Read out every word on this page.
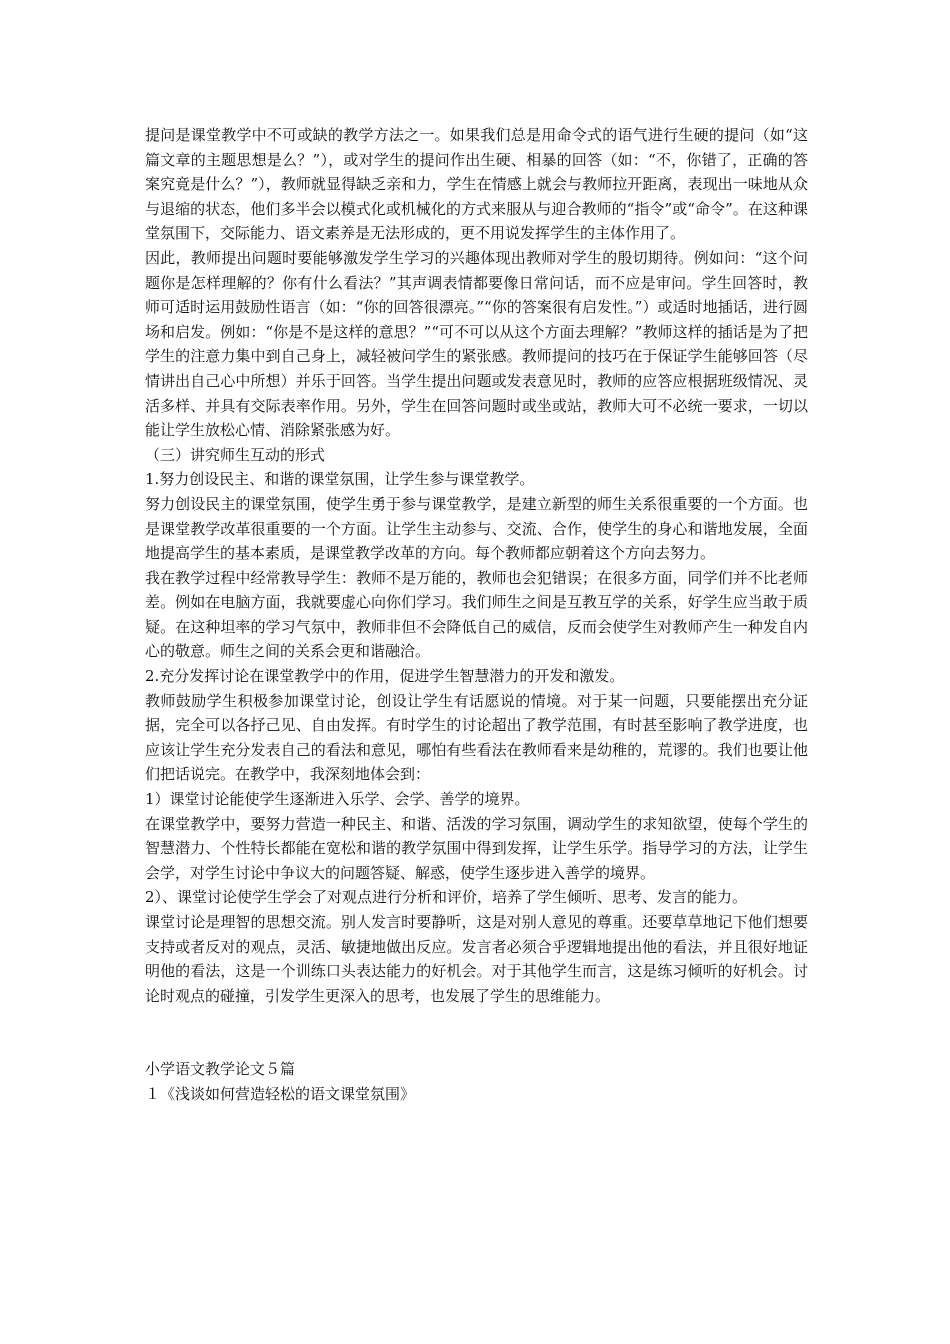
提问是课堂教学中不可或缺的教学方法之一。如果我们总是用命令式的语气进行生硬的提问（如“这篇文章的主题思想是么？”），或对学生的提问作出生硬、相暴的回答（如：“不，你错了，正确的答案究竟是什么？”），教师就显得缺乏亲和力，学生在情感上就会与教师拉开距离，表现出一味地从众与退缩的状态，他们多半会以模式化或机械化的方式来服从与迎合教师的“指令”或“命令”。在这种课堂氛围下，交际能力、语文素养是无法形成的，更不用说发挥学生的主体作用了。

因此，教师提出问题时要能够激发学生学习的兴趣体现出教师对学生的殷切期待。例如问：“这个问题你是怎样理解的？你有什么看法？”其声调表情都要像日常问话，而不应是审问。学生回答时，教师可适时运用鼓励性语言（如：“你的回答很漂亮。”“你的答案很有启发性。”）或适时地插话，进行圆场和启发。例如：“你是不是这样的意思？”“可不可以从这个方面去理解？”教师这样的插话是为了把学生的注意力集中到自己身上，减轻被问学生的紧张感。教师提问的技巧在于保证学生能够回答（尽情讲出自己心中所想）并乐于回答。当学生提出问题或发表意见时，教师的应答应根据班级情况、灵活多样、并具有交际表率作用。另外，学生在回答问题时或坐或站，教师大可不必统一要求，一切以能让学生放松心情、消除紧张感为好。

（三）讲究师生互动的形式

1.努力创设民主、和谐的课堂氛围，让学生参与课堂教学。

努力创设民主的课堂氛围，使学生勇于参与课堂教学，是建立新型的师生关系很重要的一个方面。也是课堂教学改革很重要的一个方面。让学生主动参与、交流、合作，使学生的身心和谐地发展，全面地提高学生的基本素质，是课堂教学改革的方向。每个教师都应朝着这个方向去努力。

我在教学过程中经常教导学生：教师不是万能的，教师也会犯错误；在很多方面，同学们并不比老师差。例如在电脑方面，我就要虚心向你们学习。我们师生之间是互教互学的关系，好学生应当敢于质疑。在这种坦率的学习气氛中，教师非但不会降低自己的威信，反而会使学生对教师产生一种发自内心的敬意。师生之间的关系会更和谐融洽。

2.充分发挥讨论在课堂教学中的作用，促进学生智慧潜力的开发和激发。

教师鼓励学生积极参加课堂讨论，创设让学生有话愿说的情境。对于某一问题，只要能摆出充分证据，完全可以各抒己见、自由发挥。有时学生的讨论超出了教学范围，有时甚至影响了教学进度，也应该让学生充分发表自己的看法和意见，哪怕有些看法在教师看来是幼稚的，荒谬的。我们也要让他们把话说完。在教学中，我深刻地体会到：

1）课堂讨论能使学生逐渐进入乐学、会学、善学的境界。

在课堂教学中，要努力营造一种民主、和谐、活泼的学习氛围，调动学生的求知欲望，使每个学生的智慧潜力、个性特长都能在宽松和谐的教学氛围中得到发挥，让学生乐学。指导学习的方法，让学生会学，对学生讨论中争议大的问题答疑、解惑，使学生逐步进入善学的境界。

2）、课堂讨论使学生学会了对观点进行分析和评价，培养了学生倾听、思考、发言的能力。

课堂讨论是理智的思想交流。别人发言时要静听，这是对别人意见的尊重。还要草草地记下他们想要支持或者反对的观点，灵活、敏捷地做出反应。发言者必须合乎逻辑地提出他的看法，并且很好地证明他的看法，这是一个训练口头表达能力的好机会。对于其他学生而言，这是练习倾听的好机会。讨论时观点的碰撞，引发学生更深入的思考，也发展了学生的思维能力。

小学语文教学论文５篇

１《浅谈如何营造轻松的语文课堂氛围》
